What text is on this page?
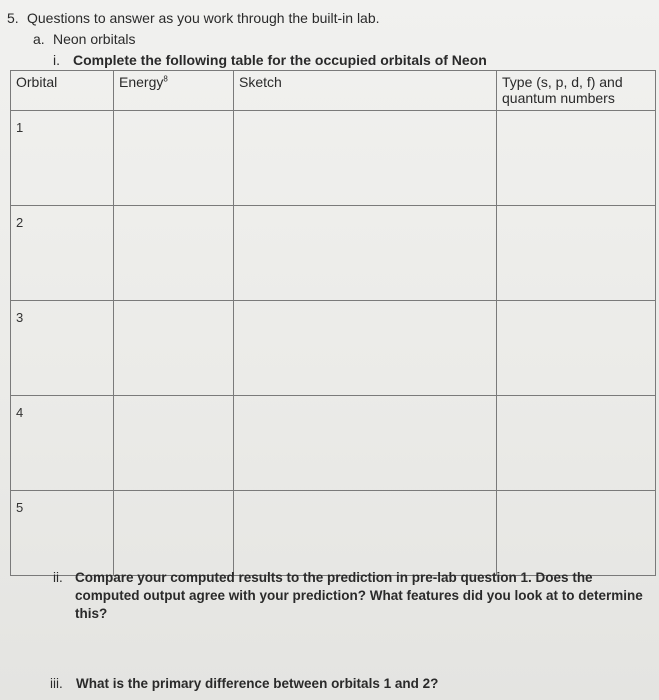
5. Questions to answer as you work through the built-in lab.
a. Neon orbitals
i. Complete the following table for the occupied orbitals of Neon
Orbital	Energy$^8$	Sketch	Type (s, p, d, f) and
quantum numbers
1			
2			
3			
4			
5			
ii. Compare your computed results to the prediction in pre-lab question 1. Does the computed output agree with your prediction? What features did you look at to determine this?
iii. What is the primary difference between orbitals 1 and 2?
